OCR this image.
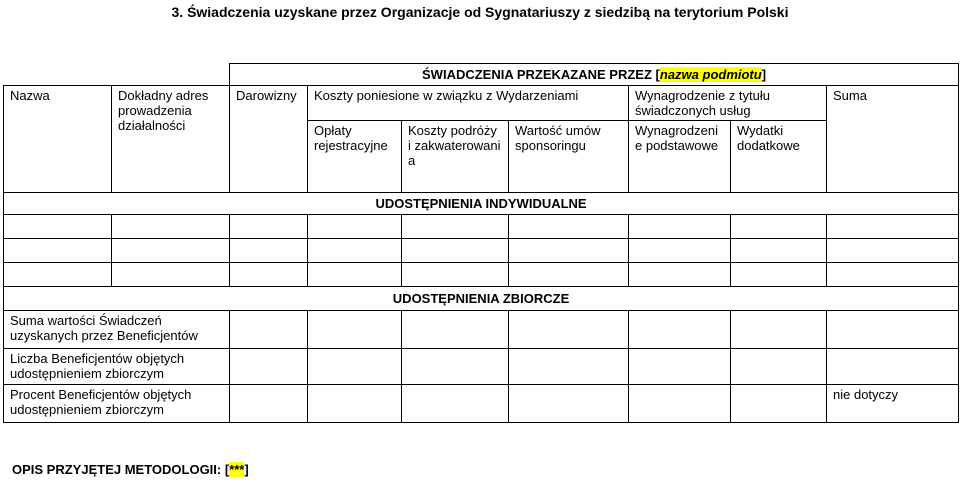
3. Świadczenia uzyskane przez Organizacje od Sygnatariuszy z siedzibą na terytorium Polski
		ŚWIADCZENIA PRZEKAZANE PRZEZ [nazwa podmiotu]						
Nazwa	Dokładny adres prowadzenia działalności	Darowizny	Koszty poniesione w związku z Wydarzeniami			Wynagrodzenie z tytułu świadczonych usług		Suma
			Opłaty rejestracyjne	Koszty podróży i zakwaterowani a	Wartość umów sponsoringu	Wynagrodzeni e podstawowe	Wydatki dodatkowe	
UDOSTĘPNIENIA INDYWIDUALNE								

UDOSTĘPNIENIA ZBIORCZE								
Suma wartości Świadczeń uzyskanych przez Beneficjentów								
Liczba Beneficjentów objętych udostępnieniem zbiorczym								
Procent Beneficjentów objętych udostępnieniem zbiorczym								nie dotyczy
OPIS PRZYJĘTEJ METODOLOGII: [***]
